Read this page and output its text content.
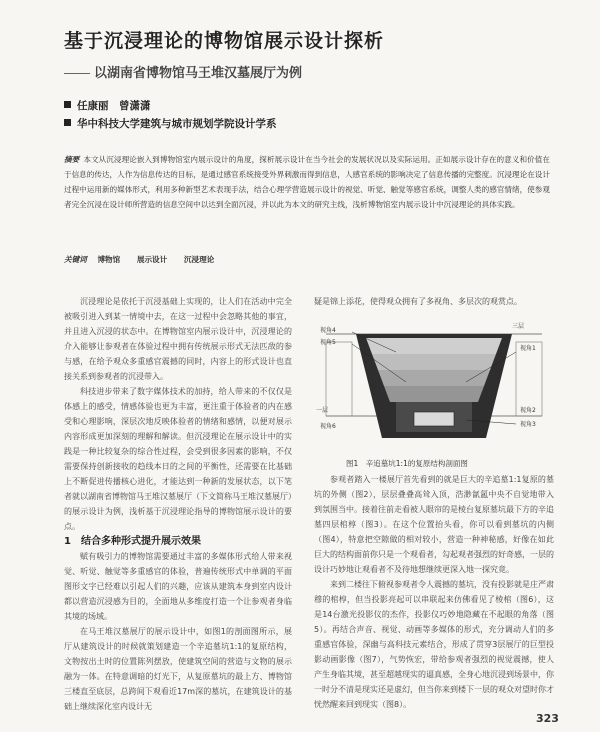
基于沉浸理论的博物馆展示设计探析
以湖南省博物馆马王堆汉墓展厅为例
任康丽　曾潇潇
华中科技大学建筑与城市规划学院设计学系
摘要 本文从沉浸理论嵌入到博物馆室内展示设计的角度，探析展示设计在当今社会的发展状况以及实际运用。正如展示设计存在的意义和价值在于信息的传达，人作为信息传达的目标，是通过感官系统接受外界刺激而得到信息，人感官系统的影响决定了信息传播的完整度。沉浸理论在设计过程中运用新的媒体形式，利用多种新型艺术表现手法，结合心理学营造展示设计的视觉、听觉、触觉等感官系统，调整人类的感官情绪，使参观者完全沉浸在设计师所营造的信息空间中以达到全面沉浸，并以此为本文的研究主线，浅析博物馆室内展示设计中沉浸理论的具体实践。
关键词 博物馆 展示设计 沉浸理论

沉浸理论是依托于沉浸基础上实现的，让人们在活动中完全被吸引进入到某一情境中去，在这一过程中会忽略其他的事宜，并且进入沉浸的状态中。在博物馆室内展示设计中，沉浸理论的介入能够让参观者在体验过程中拥有传统展示形式无法匹敌的参与感，在给予观众多重感官震撼的同时，内容上的形式设计也直接关系到参观者的沉浸带入。

科技进步带来了数字媒体技术的加持，给人带来的不仅仅是体感上的感受，情感体验也更为丰富，更注重于体验者的内在感受和心理影响，深层次地反映体验者的情绪和感情，以便对展示内容形成更加深刻的理解和解读。但沉浸理论在展示设计中的实践是一种比较复杂的综合性过程，会受到很多因素的影响，不仅需要保持创新接收的趋线本日的之间的平衡性，还需要在比基础上不断促进传播核心进化，才能达到一种新的发展状态，以下笔者就以湖南省博物馆马王堆汉墓展厅（下文简称马王堆汉墓展厅）的展示设计为例，浅析基于沉浸理论指导的博物馆展示设计的要点。

1　结合多种形式提升展示效果

赋有吸引力的博物馆需要通过丰富的多媒体形式给人带来视觉、听觉、触觉等多重感官的体验，普遍传统形式中单调的平面图形文字已经难以引起人们的兴趣，应该从建筑本身到室内设计都以营造沉浸感为目的，全面地从多维度打造一个让参观者身临其境的场域。

在马王堆汉墓展厅的展示设计中，如图1的剖面图所示，展厅从建筑设计的时候就策划建造一个辛追墓坑1:1的复原结构，文物按出土时的位置陈列摆放，使建筑空间的营造与文物的展示融为一体。在特意调暗的灯光下，从复原墓坑的最上方、博物馆三楼直至底层，总跨间下观看近17m深的墓坑，在建筑设计的基础上继续深化室内设计无

疑是锦上添花，使得观众拥有了多视角、多层次的观赏点。
三层
视角4
视角5
视角1
一层	视角2
视角3
视角6
图1　辛追墓坑1:1的复原结构剖面图

参观者踏入一楼展厅首先看到的就是巨大的辛追墓1:1复原的墓坑的外侧（图2），层层叠叠高耸入顶，浩渺氤氲中央不自觉地带入到氛围当中。接着往前走看被人眼帘的是棱台复原墓坑最下方的辛追墓四层棺椁（图3）。在这个位置抬头看，你可以看到墓坑的内侧（图4），特意把空隙做的相对较小，营造一种神秘感，好像在如此巨大的结构面前你只是一个观看者，勾起观者强烈的好奇感，一层的设计巧妙地让观看者不及待地想继续更深入地一探究竟。

来到二楼往下俯视参观者令人震撼的墓坑，没有投影就是庄严肃穆的棺椁，但当投影亮起可以串联起来仿佛看见了棱棺（图6），这是14台激光投影仪的杰作，投影仪巧妙地隐藏在不起眼的角落（图5）。再结合声音、视觉、动画等多媒体的形式，充分调动人们的多重感官体验，深幽与高科技元素结合，形成了贯穿3层展厅的巨型投影动画影像（图7），气势恢宏，带给参观者强烈的视觉震撼，使人产生身临其境，甚至超越现实的逼真感，全身心地沉浸到场景中，你一时分不清是现实还是虚幻，但当你来到楼下一层的观众对望时你才恍然醒来回到现实（图8）。

323
